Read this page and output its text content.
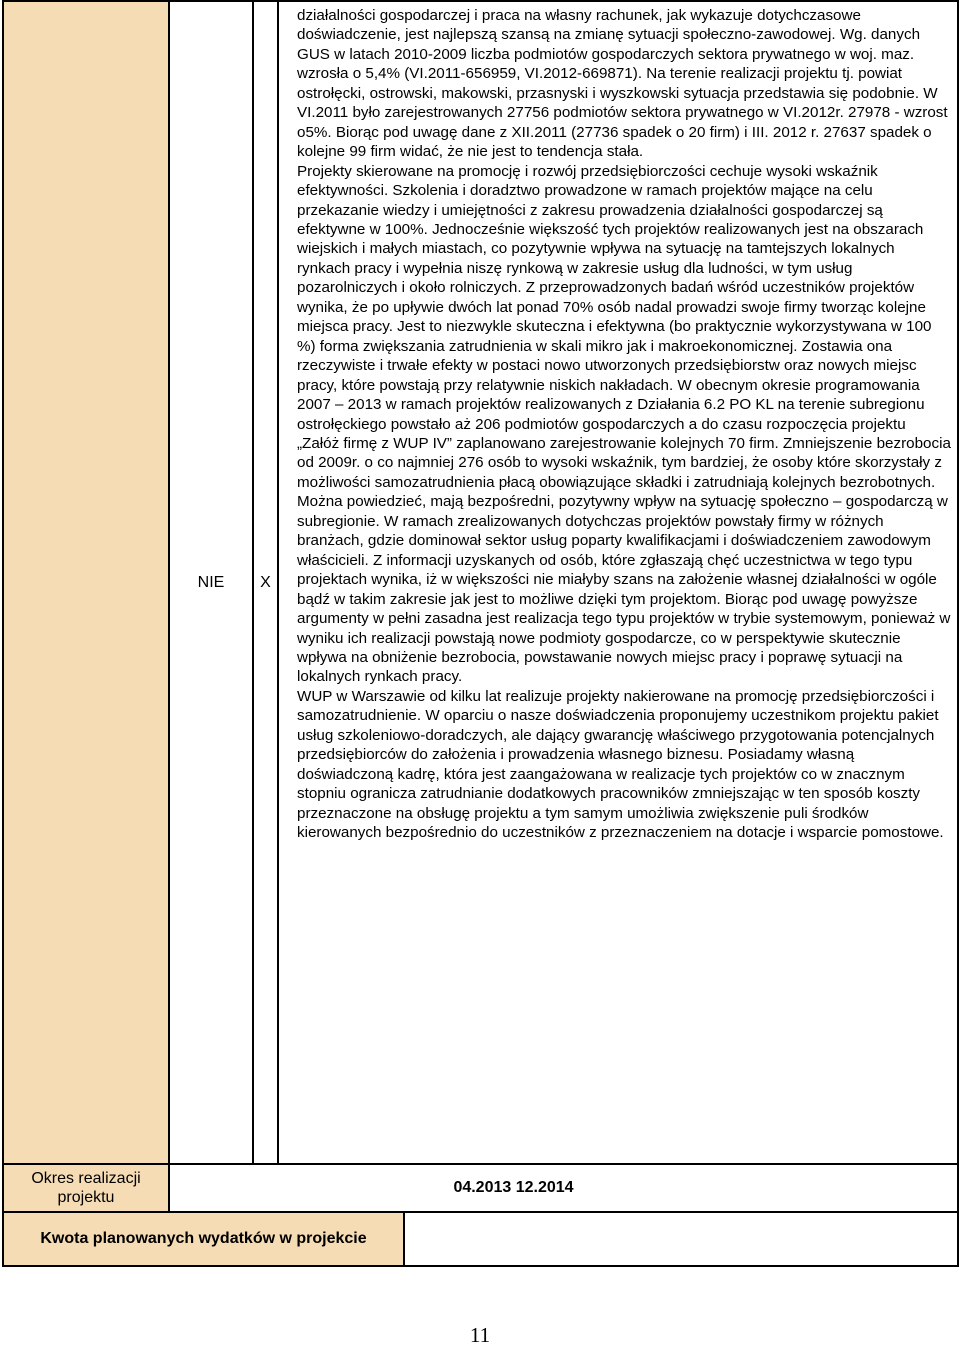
	NIE	X	działalności gospodarczej i praca na własny rachunek, jak wykazuje dotychczasowe doświadczenie, jest najlepszą szansą na zmianę sytuacji społeczno-zawodowej. Wg. danych GUS w latach 2010-2009 liczba podmiotów gospodarczych sektora prywatnego w woj. maz. wzrosła o 5,4% (VI.2011-656959, VI.2012-669871). Na terenie realizacji projektu tj. powiat ostrołęcki, ostrowski, makowski, przasnyski i wyszkowski sytuacja przedstawia się podobnie. W VI.2011 było zarejestrowanych 27756 podmiotów sektora prywatnego w VI.2012r. 27978 - wzrost o5%. Biorąc pod uwagę dane z XII.2011 (27736 spadek o 20 firm) i III. 2012 r. 27637 spadek o kolejne 99 firm widać, że nie jest to tendencja stała.

Projekty skierowane na promocję i rozwój przedsiębiorczości cechuje wysoki wskaźnik efektywności. Szkolenia i doradztwo prowadzone w ramach projektów mające na celu przekazanie wiedzy i umiejętności z zakresu prowadzenia działalności gospodarczej są efektywne w 100%. Jednocześnie większość tych projektów realizowanych jest na obszarach wiejskich i małych miastach, co pozytywnie wpływa na sytuację na tamtejszych lokalnych rynkach pracy i wypełnia niszę rynkową w zakresie usług dla ludności, w tym usług pozarolniczych i około rolniczych. Z przeprowadzonych badań wśród uczestników projektów wynika, że po upływie dwóch lat ponad 70% osób nadal prowadzi swoje firmy tworząc kolejne miejsca pracy. Jest to niezwykle skuteczna i efektywna (bo praktycznie wykorzystywana w 100 %) forma zwiększania zatrudnienia w skali mikro jak i makroekonomicznej. Zostawia ona rzeczywiste i trwałe efekty w postaci nowo utworzonych przedsiębiorstw oraz nowych miejsc pracy, które powstają przy relatywnie niskich nakładach. W obecnym okresie programowania 2007 – 2013 w ramach projektów realizowanych z Działania 6.2 PO KL na terenie subregionu ostrołęckiego powstało aż 206 podmiotów gospodarczych a do czasu rozpoczęcia projektu „Załóż firmę z WUP IV” zaplanowano zarejestrowanie kolejnych 70 firm. Zmniejszenie bezrobocia od 2009r. o co najmniej 276 osób to wysoki wskaźnik, tym bardziej, że osoby które skorzystały z możliwości samozatrudnienia płacą obowiązujące składki i zatrudniają kolejnych bezrobotnych. Można powiedzieć, mają bezpośredni, pozytywny wpływ na sytuację społeczno – gospodarczą w subregionie. W ramach zrealizowanych dotychczas projektów powstały firmy w różnych branżach, gdzie dominował sektor usług poparty kwalifikacjami i doświadczeniem zawodowym właścicieli. Z informacji uzyskanych od osób, które zgłaszają chęć uczestnictwa w tego typu projektach wynika, iż w większości nie miałyby szans na założenie własnej działalności w ogóle bądź w takim zakresie jak jest to możliwe dzięki tym projektom. Biorąc pod uwagę powyższe argumenty w pełni zasadna jest realizacja tego typu projektów w trybie systemowym, ponieważ w wyniku ich realizacji powstają nowe podmioty gospodarcze, co w perspektywie skutecznie wpływa na obniżenie bezrobocia, powstawanie nowych miejsc pracy i poprawę sytuacji na lokalnych rynkach pracy.

WUP w Warszawie od kilku lat realizuje projekty nakierowane na promocję przedsiębiorczości i samozatrudnienie. W oparciu o nasze doświadczenia proponujemy uczestnikom projektu pakiet usług szkoleniowo-doradczych, ale dający gwarancję właściwego przygotowania potencjalnych przedsiębiorców do założenia i prowadzenia własnego biznesu. Posiadamy własną doświadczoną kadrę, która jest zaangażowana w realizacje tych projektów co w znacznym stopniu ogranicza zatrudnianie dodatkowych pracowników zmniejszając w ten sposób koszty przeznaczone na obsługę projektu a tym samym umożliwia zwiększenie puli środków kierowanych bezpośrednio do uczestników z przeznaczeniem na dotacje i wsparcie pomostowe.	

Okres realizacji projektu	04.2013 12.2014			
Kwota planowanych wydatków w projekcie				
11
